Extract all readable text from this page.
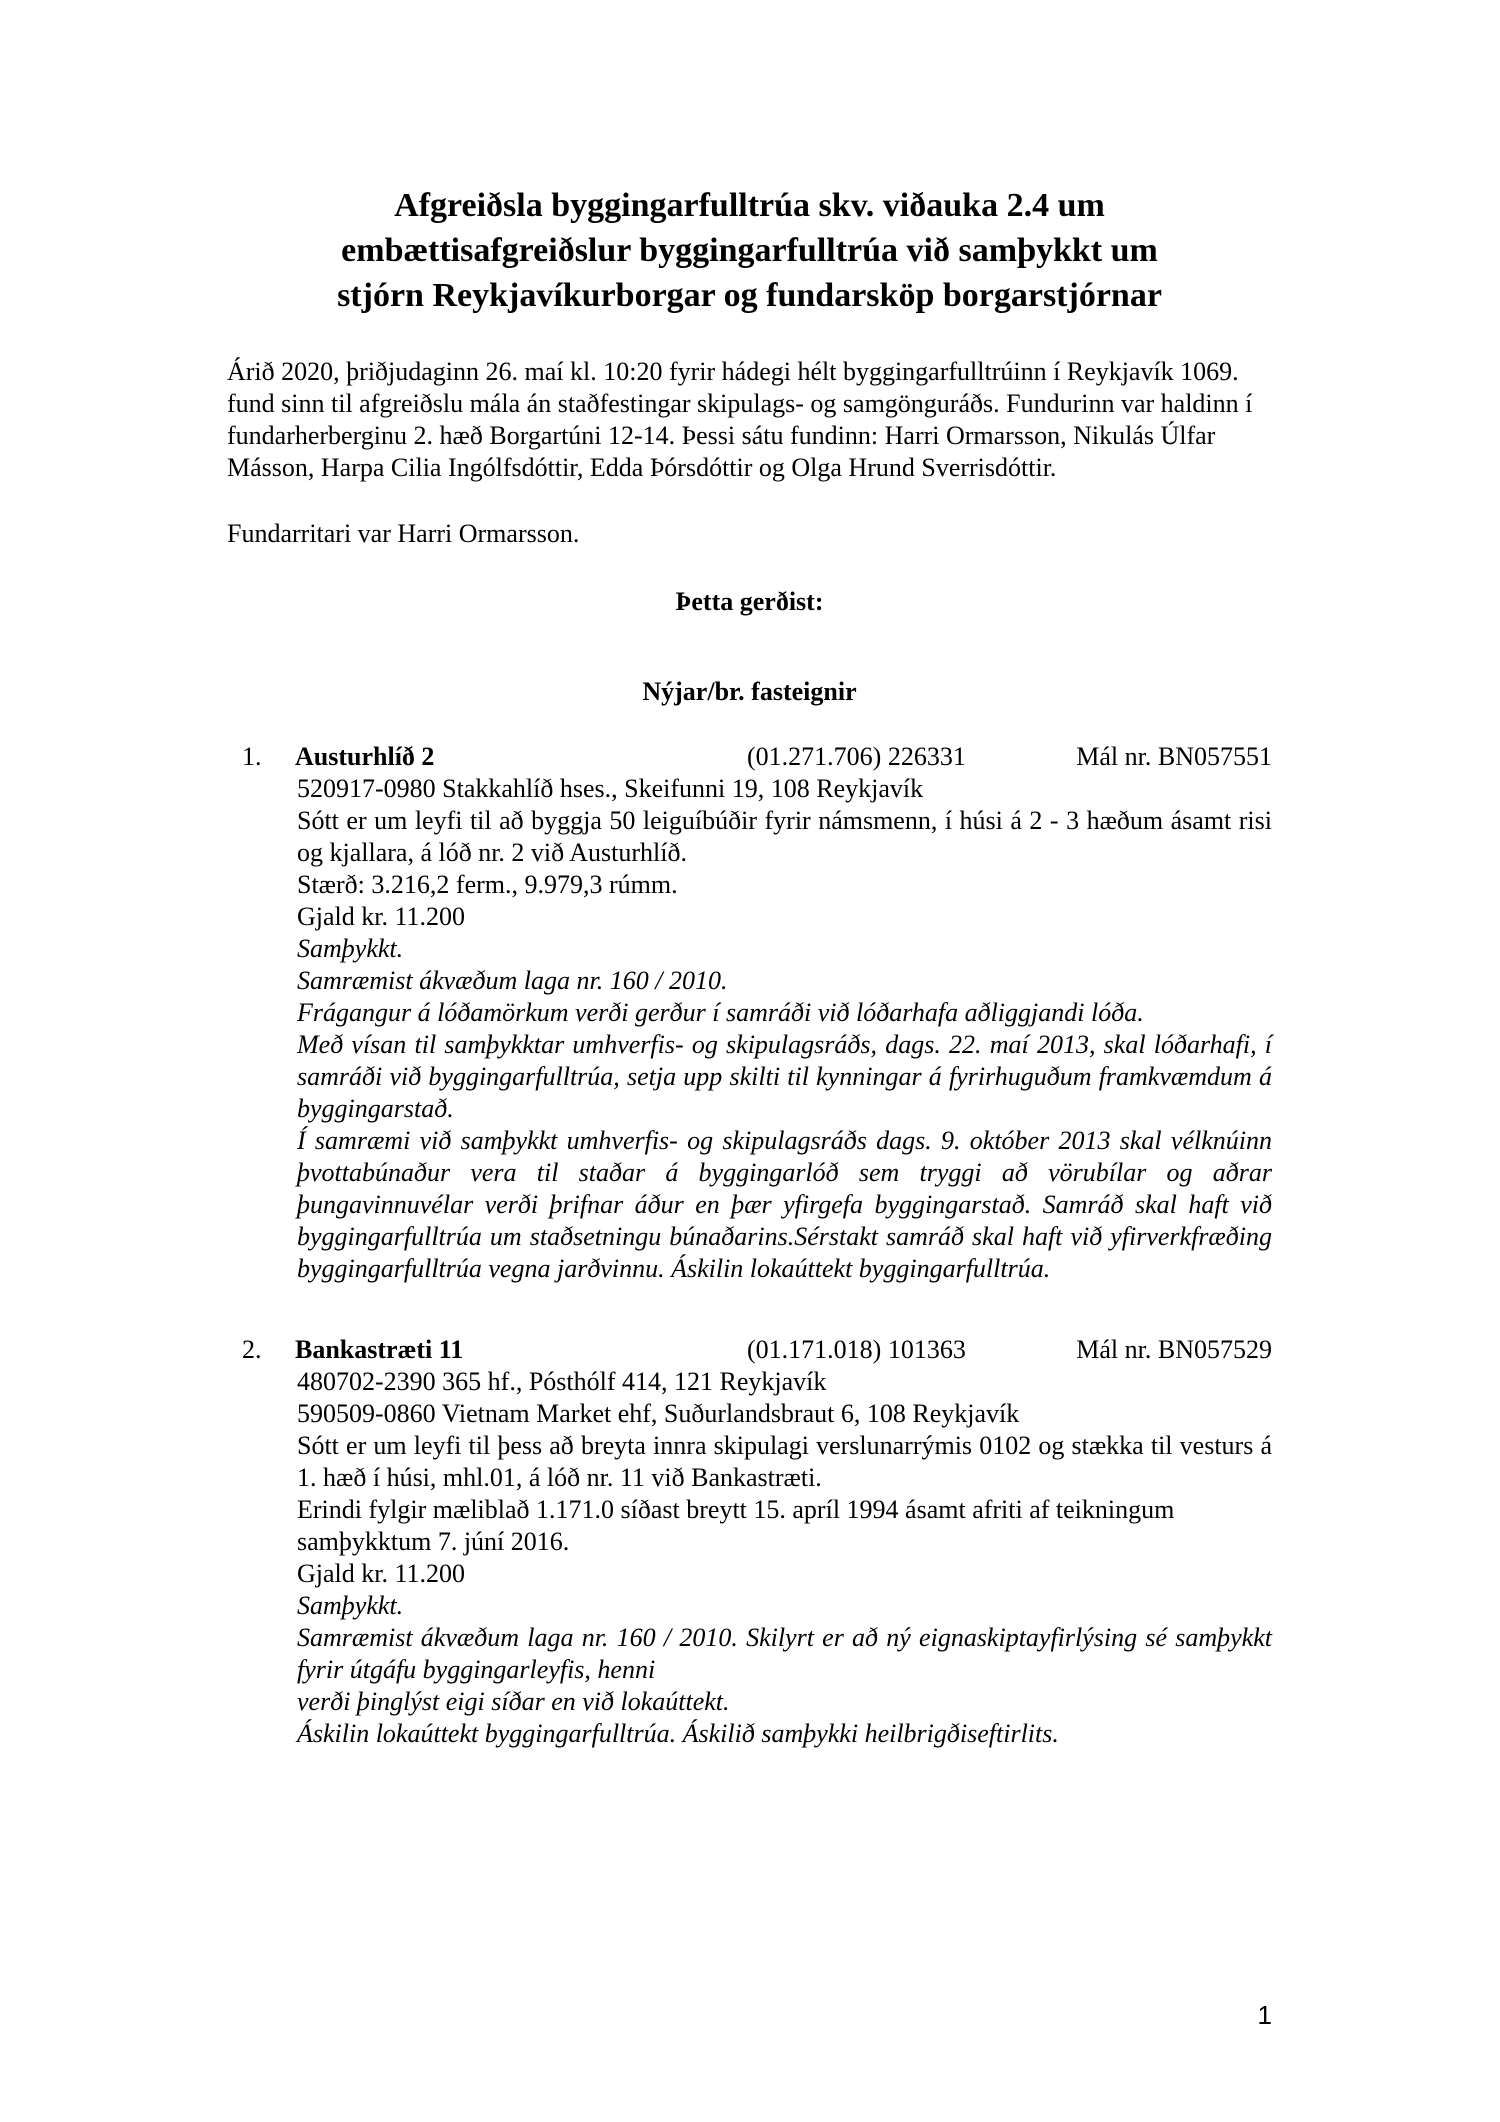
Afgreiðsla byggingarfulltrúa skv. viðauka 2.4 um
embættisafgreiðslur byggingarfulltrúa við samþykkt um
stjórn Reykjavíkurborgar og fundarsköp borgarstjórnar

Árið 2020, þriðjudaginn 26. maí kl. 10:20 fyrir hádegi hélt byggingarfulltrúinn í Reykjavík 1069. fund sinn til afgreiðslu mála án staðfestingar skipulags- og samgönguráðs. Fundurinn var haldinn í fundarherberginu 2. hæð Borgartúni 12-14. Þessi sátu fundinn: Harri Ormarsson, Nikulás Úlfar Másson, Harpa Cilia Ingólfsdóttir, Edda Þórsdóttir og Olga Hrund Sverrisdóttir.

Fundarritari var Harri Ormarsson.

Þetta gerðist:
Nýjar/br. fasteignir
1. Austurhlíð 2	(01.271.706) 226331	Mál nr. BN057551

520917-0980 Stakkahlíð hses., Skeifunni 19, 108 Reykjavík

Sótt er um leyfi til að byggja 50 leiguíbúðir fyrir námsmenn, í húsi á 2 - 3 hæðum ásamt risi og kjallara, á lóð nr. 2 við Austurhlíð.

Stærð: 3.216,2 ferm., 9.979,3 rúmm.

Gjald kr. 11.200

Samþykkt.

Samræmist ákvæðum laga nr. 160 / 2010.

Frágangur á lóðamörkum verði gerður í samráði við lóðarhafa aðliggjandi lóða.

Með vísan til samþykktar umhverfis- og skipulagsráðs, dags. 22. maí 2013, skal lóðarhafi, í samráði við byggingarfulltrúa, setja upp skilti til kynningar á fyrirhuguðum framkvæmdum á byggingarstað.

Í samræmi við samþykkt umhverfis- og skipulagsráðs dags. 9. október 2013 skal vélknúinn þvottabúnaður vera til staðar á byggingarlóð sem tryggi að vörubílar og aðrar þungavinnuvélar verði þrifnar áður en þær yfirgefa byggingarstað. Samráð skal haft við byggingarfulltrúa um staðsetningu búnaðarins.Sérstakt samráð skal haft við yfirverkfræðing byggingarfulltrúa vegna jarðvinnu. Áskilin lokaúttekt byggingarfulltrúa.

2. Bankastræti 11	(01.171.018) 101363	Mál nr. BN057529

480702-2390 365 hf., Pósthólf 414, 121 Reykjavík

590509-0860 Vietnam Market ehf, Suðurlandsbraut 6, 108 Reykjavík

Sótt er um leyfi til þess að breyta innra skipulagi verslunarrýmis 0102 og stækka til vesturs á 1. hæð í húsi, mhl.01, á lóð nr. 11 við Bankastræti.

Erindi fylgir mæliblað 1.171.0 síðast breytt 15. apríl 1994 ásamt afriti af teikningum samþykktum 7. júní 2016.

Gjald kr. 11.200

Samþykkt.

Samræmist ákvæðum laga nr. 160 / 2010. Skilyrt er að ný eignaskiptayfirlýsing sé samþykkt fyrir útgáfu byggingarleyfis, henni

verði þinglýst eigi síðar en við lokaúttekt.

Áskilin lokaúttekt byggingarfulltrúa. Áskilið samþykki heilbrigðiseftirlits.

1
